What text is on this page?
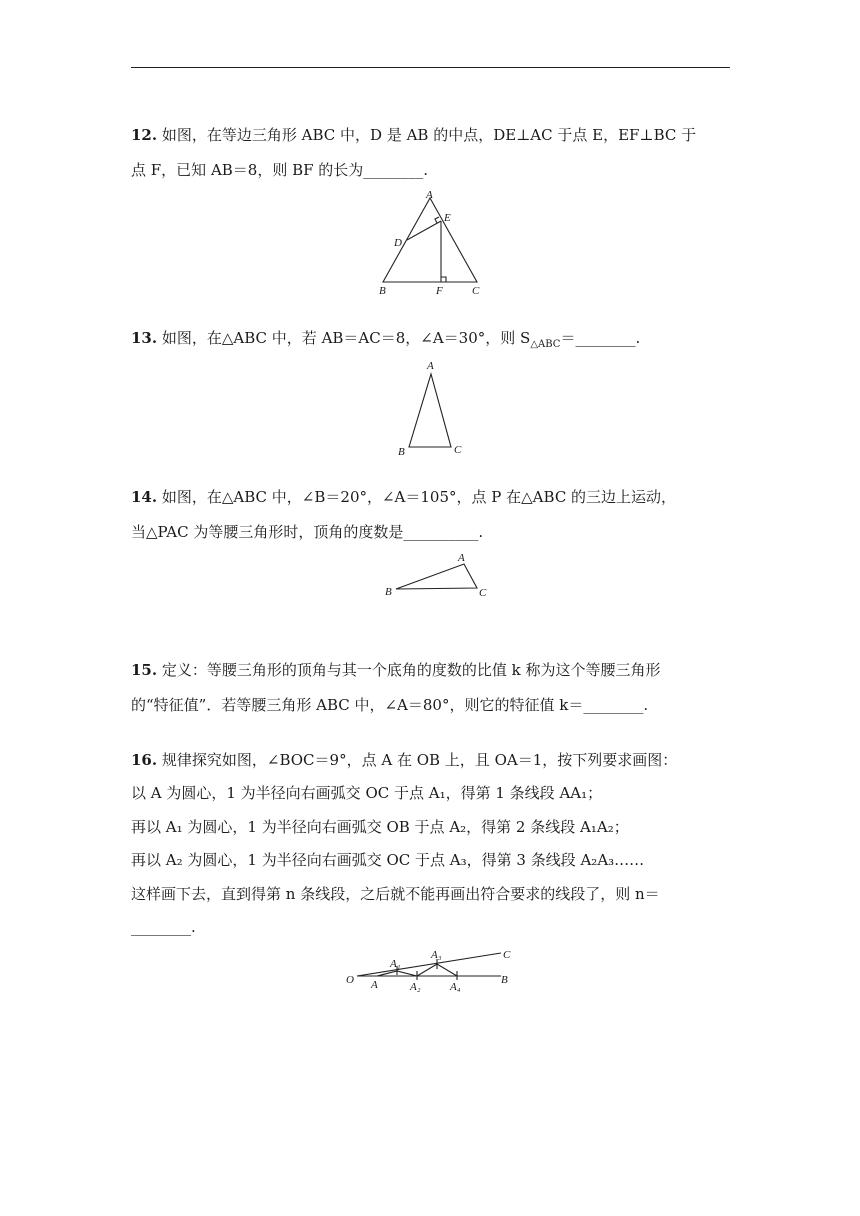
12. 如图，在等边三角形 ABC 中，D 是 AB 的中点，DE⊥AC 于点 E，EF⊥BC 于
点 F，已知 AB＝8，则 BF 的长为________.
A
E
D
B	F	C
13. 如图，在△ABC 中，若 AB＝AC＝8，∠A＝30°，则 $S_{\triangle ABC}=\_\_\_\_\_\_\_\_$.
A
B	C
14. 如图，在△ABC 中，∠B＝20°，∠A＝105°，点 P 在△ABC 的三边上运动，
当△PAC 为等腰三角形时，顶角的度数是__________.
A
B	C
15. 定义：等腰三角形的顶角与其一个底角的度数的比值 k 称为这个等腰三角形
的“特征值”．若等腰三角形 ABC 中，∠A＝80°，则它的特征值 k＝________.
16. 规律探究如图，∠BOC＝9°，点 A 在 OB 上，且 OA＝1，按下列要求画图：
以 A 为圆心，1 为半径向右画弧交 OC 于点 A₁，得第 1 条线段 AA₁；
再以 A₁ 为圆心，1 为半径向右画弧交 OB 于点 A₂，得第 2 条线段 A₁A₂；
再以 A₂ 为圆心，1 为半径向右画弧交 OC 于点 A₃，得第 3 条线段 A₂A₃……
这样画下去，直到得第 n 条线段，之后就不能再画出符合要求的线段了，则 n＝
________.
O A
A₁
A₂
A₃
A₄
B
C
